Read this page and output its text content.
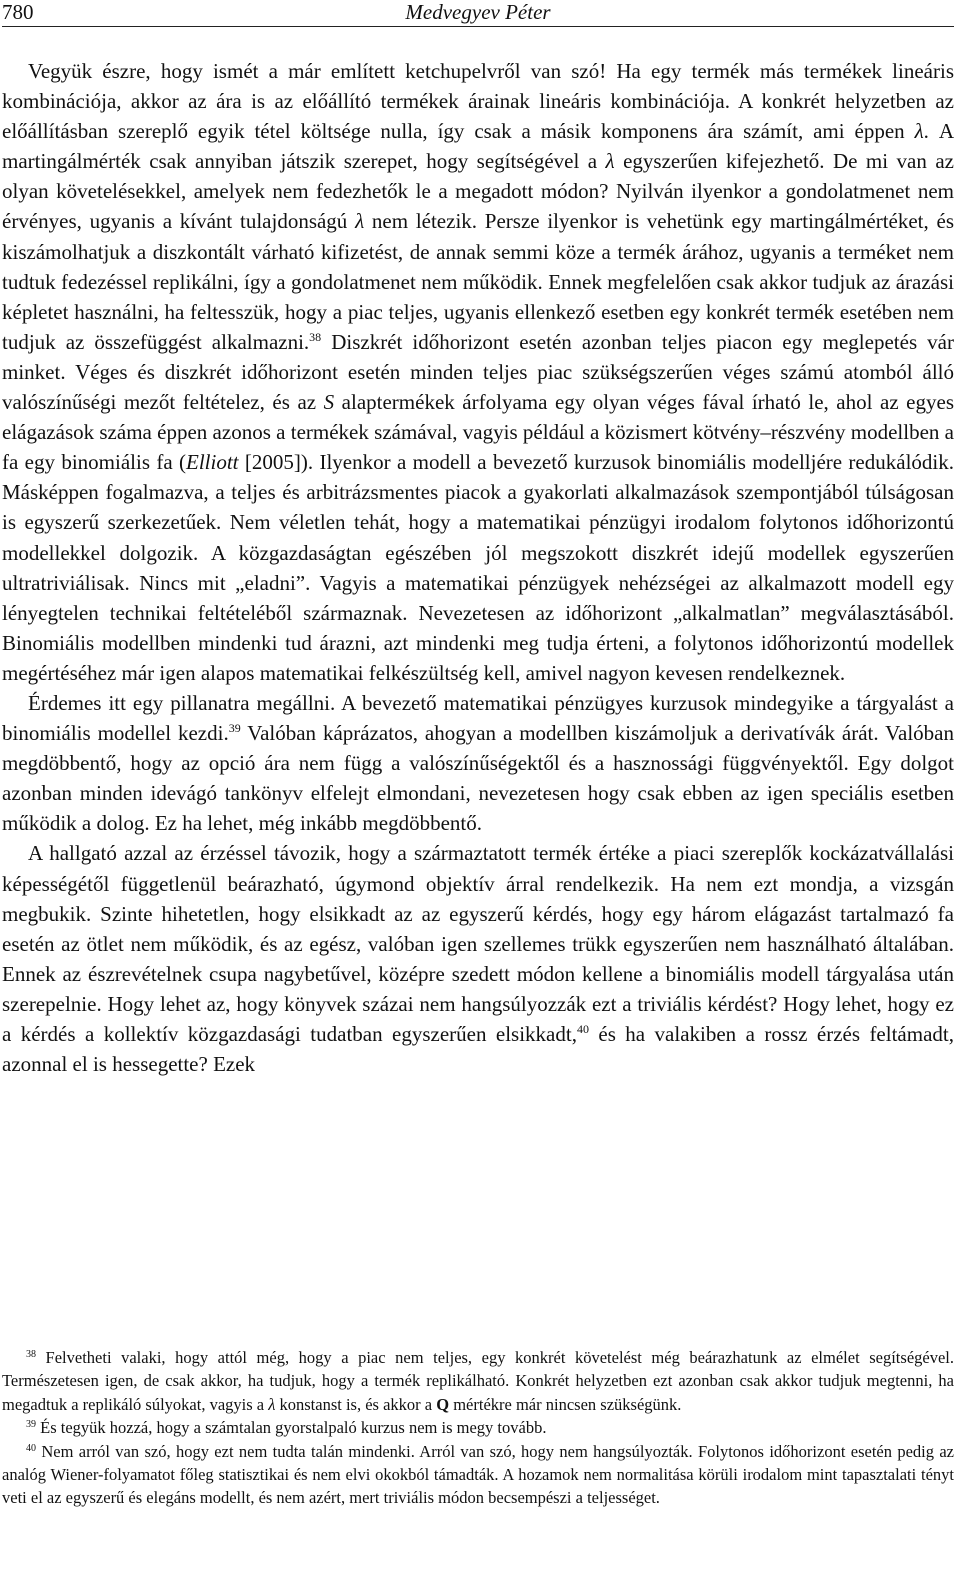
780	Medvegyev Péter

Vegyük észre, hogy ismét a már említett ketchupelvről van szó! Ha egy termék más termékek lineáris kombinációja, akkor az ára is az előállító termékek árainak lineáris kombinációja. A konkrét helyzetben az előállításban szereplő egyik tétel költsége nulla, így csak a másik komponens ára számít, ami éppen λ. A martingálmérték csak annyiban játszik szerepet, hogy segítségével a λ egyszerűen kifejezhető. De mi van az olyan követelésekkel, amelyek nem fedezhetők le a megadott módon? Nyilván ilyenkor a gondolatmenet nem érvényes, ugyanis a kívánt tulajdonságú λ nem létezik. Persze ilyenkor is vehetünk egy martingálmértéket, és kiszámolhatjuk a diszkontált várható kifizetést, de annak semmi köze a termék árához, ugyanis a terméket nem tudtuk fedezéssel replikálni, így a gondolatmenet nem működik. Ennek megfelelően csak akkor tudjuk az árazási képletet használni, ha feltesszük, hogy a piac teljes, ugyanis ellenkező esetben egy konkrét termék esetében nem tudjuk az összefüggést alkalmazni.$^{38}$ Diszkrét időhorizont esetén azonban teljes piacon egy meglepetés vár minket. Véges és diszkrét időhorizont esetén minden teljes piac szükségszerűen véges számú atomból álló valószínűségi mezőt feltételez, és az S alaptermékek árfolyama egy olyan véges fával írható le, ahol az egyes elágazások száma éppen azonos a termékek számával, vagyis például a közismert kötvény–részvény modellben a fa egy binomiális fa (Elliott [2005]). Ilyenkor a modell a bevezető kurzusok binomiális modelljére redukálódik. Másképpen fogalmazva, a teljes és arbitrázsmentes piacok a gyakorlati alkalmazások szempontjából túlságosan is egyszerű szerkezetűek. Nem véletlen tehát, hogy a matematikai pénzügyi irodalom folytonos időhorizontú modellekkel dolgozik. A közgazdaságtan egészében jól megszokott diszkrét idejű modellek egyszerűen ultratriviálisak. Nincs mit „eladni”. Vagyis a matematikai pénzügyek nehézségei az alkalmazott modell egy lényegtelen technikai feltételéből származnak. Nevezetesen az időhorizont „alkalmatlan” megválasztásából. Binomiális modellben mindenki tud árazni, azt mindenki meg tudja érteni, a folytonos időhorizontú modellek megértéséhez már igen alapos matematikai felkészültség kell, amivel nagyon kevesen rendelkeznek.

Érdemes itt egy pillanatra megállni. A bevezető matematikai pénzügyes kurzusok mindegyike a tárgyalást a binomiális modellel kezdi.$^{39}$ Valóban káprázatos, ahogyan a modellben kiszámoljuk a derivatívák árát. Valóban megdöbbentő, hogy az opció ára nem függ a valószínűségektől és a hasznossági függvényektől. Egy dolgot azonban minden idevágó tankönyv elfelejt elmondani, nevezetesen hogy csak ebben az igen speciális esetben működik a dolog. Ez ha lehet, még inkább megdöbbentő.

A hallgató azzal az érzéssel távozik, hogy a származtatott termék értéke a piaci szereplők kockázatvállalási képességétől függetlenül beárazható, úgymond objektív árral rendelkezik. Ha nem ezt mondja, a vizsgán megbukik. Szinte hihetetlen, hogy elsikkadt az az egyszerű kérdés, hogy egy három elágazást tartalmazó fa esetén az ötlet nem működik, és az egész, valóban igen szellemes trükk egyszerűen nem használható általában. Ennek az észrevételnek csupa nagybetűvel, középre szedett módon kellene a binomiális modell tárgyalása után szerepelnie. Hogy lehet az, hogy könyvek százai nem hangsúlyozzák ezt a triviális kérdést? Hogy lehet, hogy ez a kérdés a kollektív közgazdasági tudatban egyszerűen elsikkadt,$^{40}$ és ha valakiben a rossz érzés feltámadt, azonnal el is hessegette? Ezek

$^{38}$ Felvetheti valaki, hogy attól még, hogy a piac nem teljes, egy konkrét követelést még beárazhatunk az elmélet segítségével. Természetesen igen, de csak akkor, ha tudjuk, hogy a termék replikálható. Konkrét helyzetben ezt azonban csak akkor tudjuk megtenni, ha megadtuk a replikáló súlyokat, vagyis a λ konstanst is, és akkor a Q mértékre már nincsen szükségünk.

$^{39}$ És tegyük hozzá, hogy a számtalan gyorstalpaló kurzus nem is megy tovább.

$^{40}$ Nem arról van szó, hogy ezt nem tudta talán mindenki. Arról van szó, hogy nem hangsúlyozták. Folytonos időhorizont esetén pedig az analóg Wiener-folyamatot főleg statisztikai és nem elvi okokból támadták. A hozamok nem normalitása körüli irodalom mint tapasztalati tényt veti el az egyszerű és elegáns modellt, és nem azért, mert triviális módon becsempészi a teljességet.
